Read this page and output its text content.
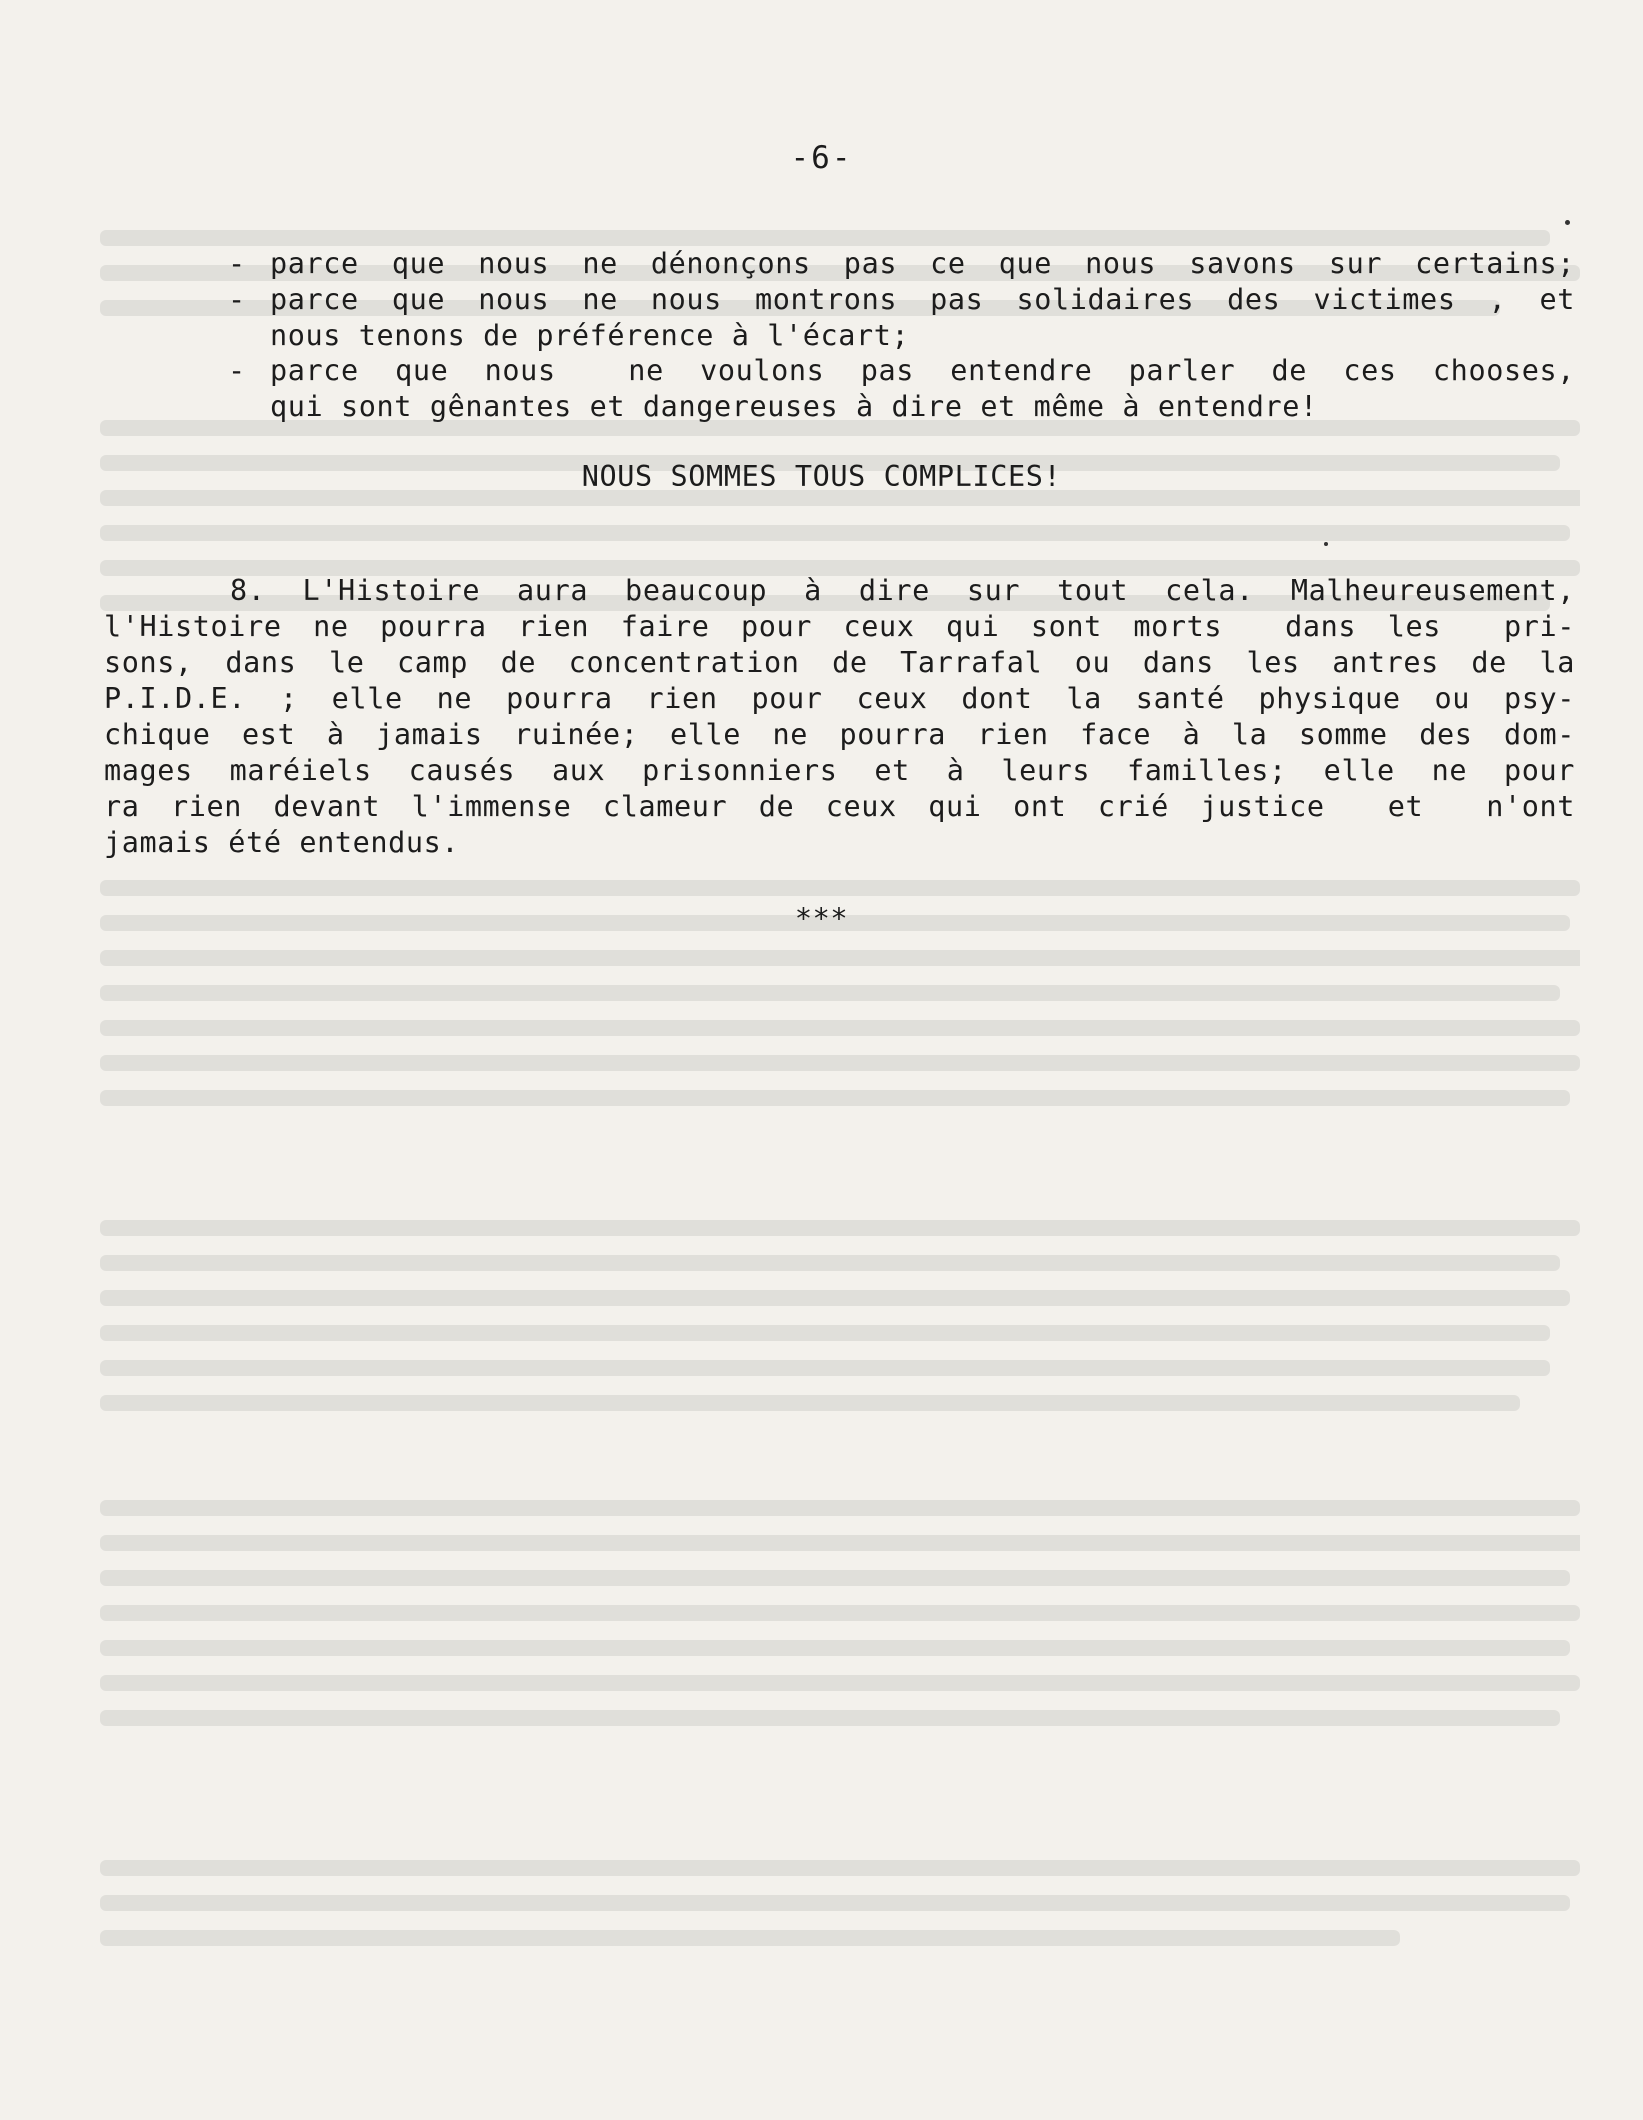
-6-
- parce que nous ne dénonçons pas ce que nous savons sur certains;
- parce que nous ne nous montrons pas solidaires des victimes , et
nous tenons de préférence à l'écart;
- parce que nous  ne voulons pas entendre parler de ces chooses,
qui sont gênantes et dangereuses à dire et même à entendre!
NOUS SOMMES TOUS COMPLICES!
8. L'Histoire aura beaucoup à dire sur tout cela. Malheureusement,
l'Histoire ne pourra rien faire pour ceux qui sont morts  dans les  pri-
sons, dans le camp de concentration de Tarrafal ou dans les antres de la
P.I.D.E. ; elle ne pourra rien pour ceux dont la santé physique ou psy-
chique est à jamais ruinée; elle ne pourra rien face à la somme des dom-
mages maréiels causés aux prisonniers et à leurs familles; elle ne pour
ra rien devant l'immense clameur de ceux qui ont crié justice  et  n'ont
jamais été entendus.
***
